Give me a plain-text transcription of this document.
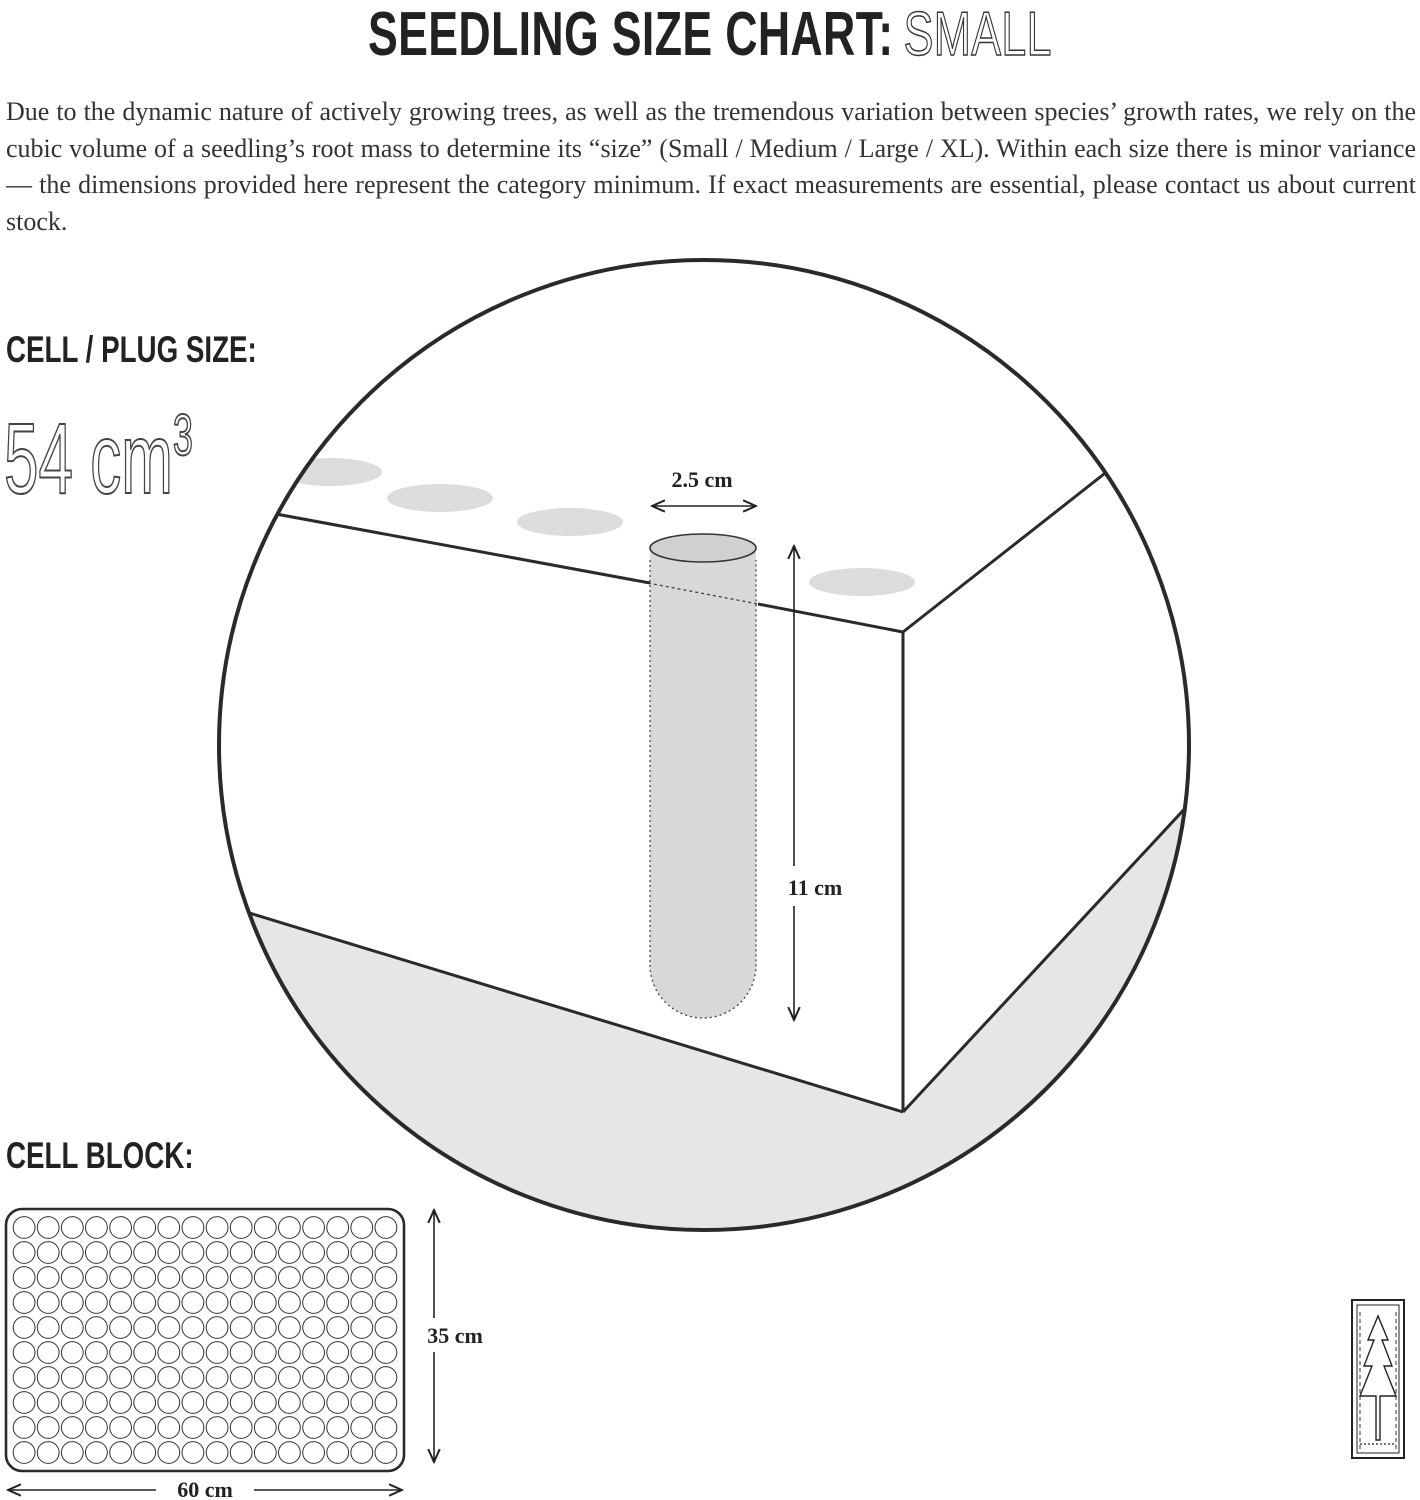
SEEDLING SIZE CHART: SMALL

Due to the dynamic nature of actively growing trees, as well as the tremendous variation between species’ growth rates, we rely on the cubic volume of a seedling’s root mass to determine its “size” (Small / Medium / Large / XL). Within each size there is minor variance — the dimensions provided here represent the category minimum. If exact measurements are essential, please contact us about current stock.

CELL / PLUG SIZE:
54 $cm^3$
CELL BLOCK:
2.5 cm
11 cm
35 cm
60 cm
